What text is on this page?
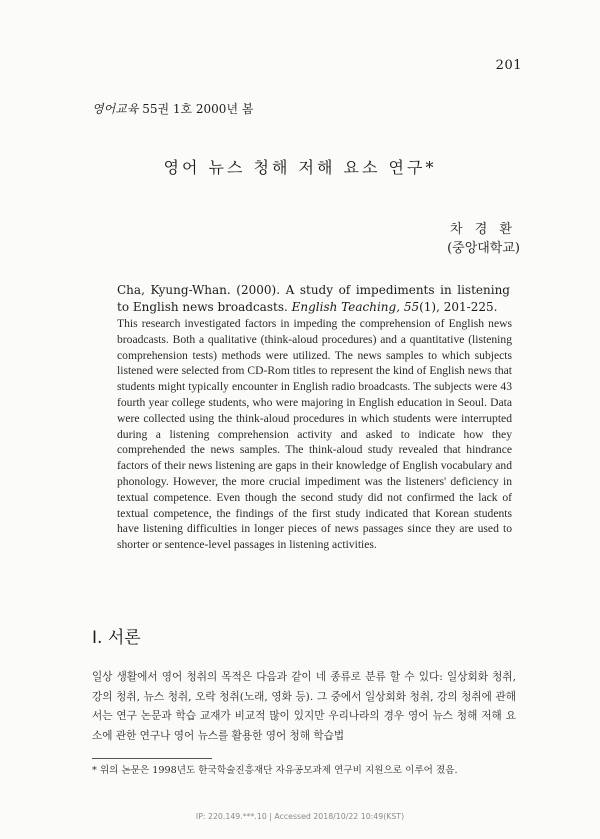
201
영어교육 55권 1호 2000년 봄
영어 뉴스 청해 저해 요소 연구*
차 경 환
(중앙대학교)
Cha, Kyung-Whan. (2000). A study of impediments in listening to English news broadcasts. English Teaching, 55(1), 201-225.
This research investigated factors in impeding the comprehension of English news broadcasts. Both a qualitative (think-aloud procedures) and a quantitative (listening comprehension tests) methods were utilized. The news samples to which subjects listened were selected from CD-Rom titles to represent the kind of English news that students might typically encounter in English radio broadcasts. The subjects were 43 fourth year college students, who were majoring in English education in Seoul. Data were collected using the think-aloud procedures in which students were interrupted during a listening comprehension activity and asked to indicate how they comprehended the news samples. The think-aloud study revealed that hindrance factors of their news listening are gaps in their knowledge of English vocabulary and phonology. However, the more crucial impediment was the listeners' deficiency in textual competence. Even though the second study did not confirmed the lack of textual competence, the findings of the first study indicated that Korean students have listening difficulties in longer pieces of news passages since they are used to shorter or sentence-level passages in listening activities.
I. 서론
일상 생활에서 영어 청취의 목적은 다음과 같이 네 종류로 분류 할 수 있다: 일상회화 청취, 강의 청취, 뉴스 청취, 오락 청취(노래, 영화 등). 그 중에서 일상회화 청취, 강의 청취에 관해서는 연구 논문과 학습 교재가 비교적 많이 있지만 우리나라의 경우 영어 뉴스 청해 저해 요소에 관한 연구나 영어 뉴스를 활용한 영어 청해 학습법
* 위의 논문은 1998년도 한국학술진흥재단 자유공모과제 연구비 지원으로 이루어 졌음.
IP: 220.149.***.10 | Accessed 2018/10/22 10:49(KST)
